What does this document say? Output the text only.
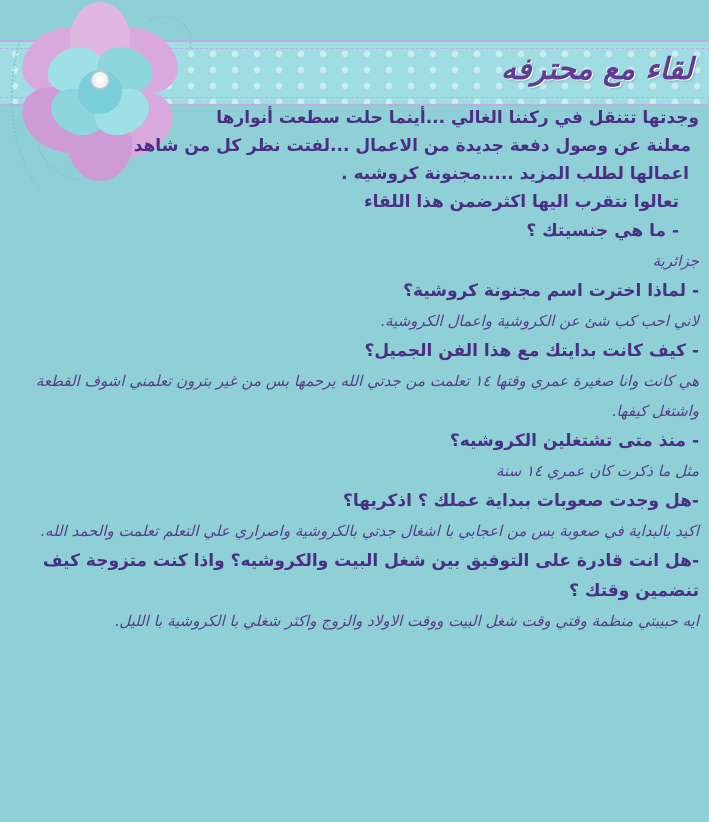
لقاء مع محترفه

وجدتها تتنقل في ركننا الغالي ...أينما حلت سطعت أنوارها

معلنة عن وصول دفعة جديدة من الاعمال ...لفتت نظر كل من شاهد

اعمالها لطلب المزيد .....مجنونة كروشيه .

تعالوا نتقرب اليها اكثرضمن هذا اللقاء

- ما هي جنسيتك ؟

جزائرية

- لماذا اخترت اسم مجنونة كروشية؟

لاني احب كب شئ عن الكروشية واعمال الكروشية.

- كيف كانت بدايتك مع هذا الفن الجميل؟

هي كانت وانا صغيرة عمري وقتها ١٤ تعلمت من جدتي الله يرحمها بس من غير بترون تعلمني اشوف القطعة واشتغل كيفها.

- منذ متى تشتغلين الكروشيه؟

مثل ما ذكرت كان عمري ١٤ سنة

-هل وجدت صعوبات ببداية عملك ؟ اذكريها؟

اكيد بالبداية في صعوبة بس من اعجابي با اشغال جدتي بالكروشية واصراري علي التعلم تعلمت والحمد الله.

-هل انت قادرة على التوفيق بين شغل البيت والكروشيه؟ واذا كنت متزوجة كيف تنضمين وقتك ؟

ايه حبيبتي منظمة وقتي وقت شغل البيت ووقت الاولاد والزوج واكثر شغلي با الكروشية با الليل.
